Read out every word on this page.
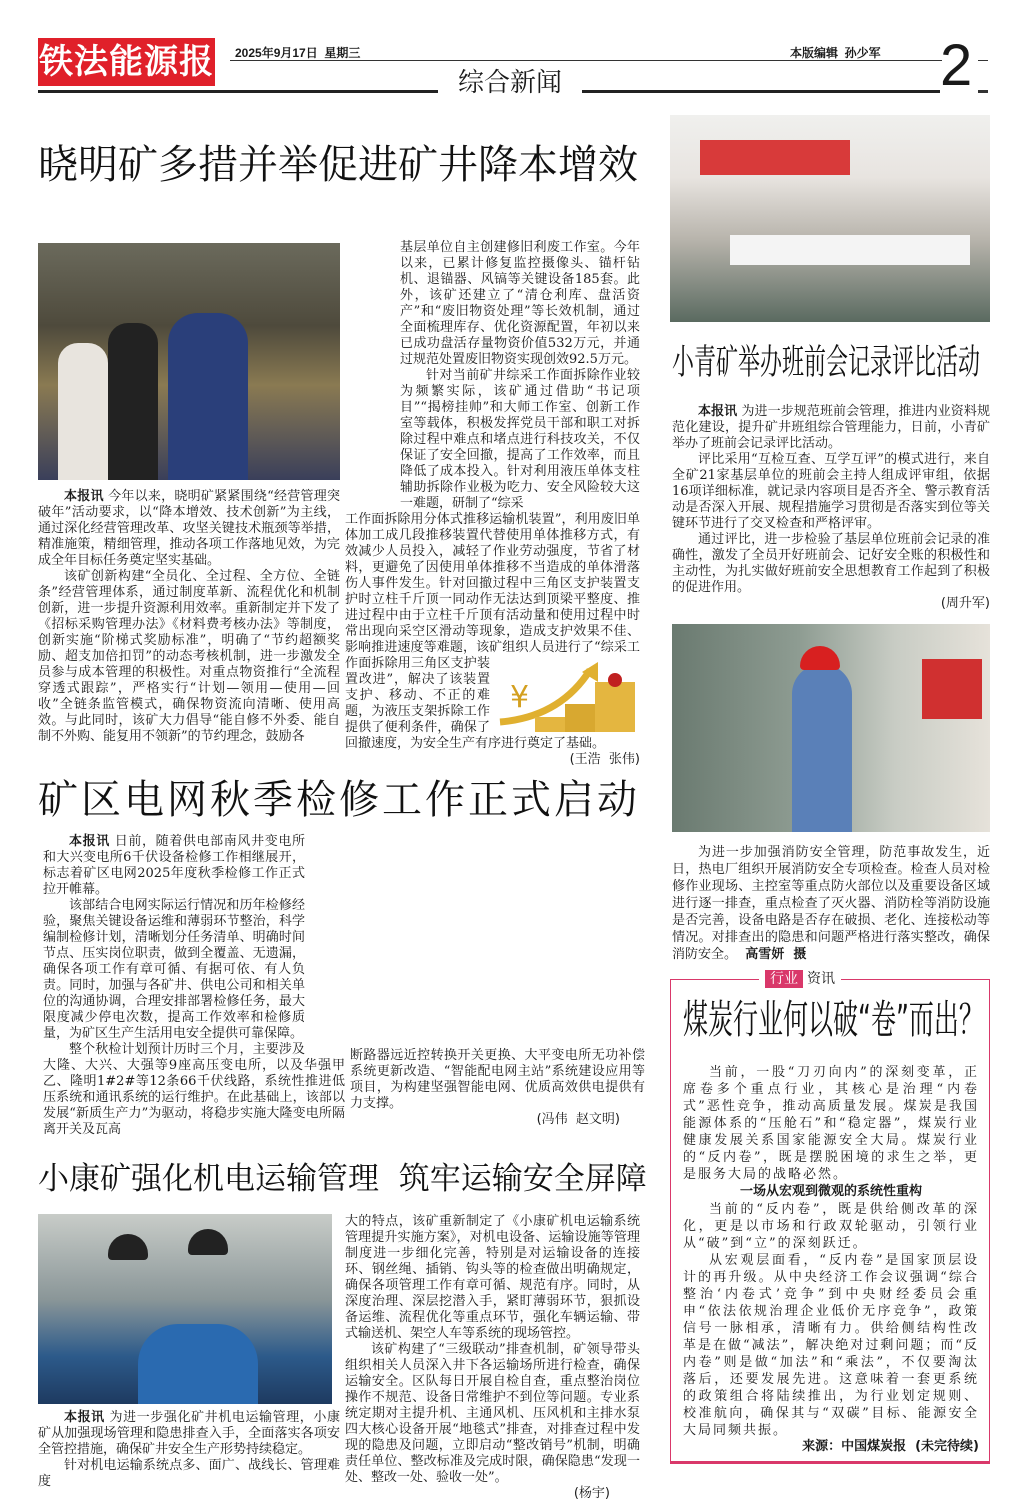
铁法能源报 2025年9月17日 星期三	本版编辑  孙少军
综合新闻	2
晓明矿多措并举促进矿井降本增效

本报讯 今年以来，晓明矿紧紧围绕“经营管理突破年”活动要求，以“降本增效、技术创新”为主线，通过深化经营管理改革、攻坚关键技术瓶颈等举措，精准施策，精细管理，推动各项工作落地见效，为完成全年目标任务奠定坚实基础。

该矿创新构建“全员化、全过程、全方位、全链条”经营管理体系，通过制度革新、流程优化和机制创新，进一步提升资源利用效率。重新制定并下发了《招标采购管理办法》《材料费考核办法》等制度，创新实施“阶梯式奖励标准”，明确了“节约超额奖励、超支加倍扣罚”的动态考核机制，进一步激发全员参与成本管理的积极性。对重点物资推行“全流程穿透式跟踪”，严格实行“计划—领用—使用—回收”全链条监管模式，确保物资流向清晰、使用高效。与此同时，该矿大力倡导“能自修不外委、能自制不外购、能复用不领新”的节约理念，鼓励各

基层单位自主创建修旧利废工作室。今年以来，已累计修复监控摄像头、锚杆钻机、退锚器、风镐等关键设备185套。此外，该矿还建立了“清仓利库、盘活资产”和“废旧物资处理”等长效机制，通过全面梳理库存、优化资源配置，年初以来已成功盘活存量物资价值532万元，并通过规范处置废旧物资实现创效92.5万元。

针对当前矿井综采工作面拆除作业较为频繁实际，该矿通过借助“书记项目”“揭榜挂帅”和大师工作室、创新工作室等载体，积极发挥党员干部和职工对拆除过程中难点和堵点进行科技攻关，不仅保证了安全回撤，提高了工作效率，而且降低了成本投入。针对利用液压单体支柱辅助拆除作业极为吃力、安全风险较大这一难题，研制了“综采

¥

工作面拆除用分体式推移运输机装置”，利用废旧单体加工成几段推移装置代替使用单体推移方式，有效减少人员投入，减轻了作业劳动强度，节省了材料，更避免了因使用单体推移不当造成的单体滑落伤人事件发生。针对回撤过程中三角区支护装置支护时立柱千斤顶一同动作无法达到顶梁平整度、推进过程中由于立柱千斤顶有活动量和使用过程中时常出现向采空区滑动等现象，造成支护效果不佳、影响推进速度等难题，该矿组织人员进行了“综采工作面拆除用三角区支护装置改进”，解决了该装置支护、移动、不正的难题，为液压支架拆除工作提供了便利条件，确保了回撤速度，为安全生产有序进行奠定了基础。

(王浩  张伟)
矿区电网秋季检修工作正式启动

本报讯 日前，随着供电部南风井变电所和大兴变电所6千伏设备检修工作相继展开，标志着矿区电网2025年度秋季检修工作正式拉开帷幕。

该部结合电网实际运行情况和历年检修经验，聚焦关键设备运维和薄弱环节整治，科学编制检修计划，清晰划分任务清单、明确时间节点、压实岗位职责，做到全覆盖、无遗漏，确保各项工作有章可循、有据可依、有人负责。同时，加强与各矿井、供电公司和相关单位的沟通协调，合理安排部署检修任务，最大限度减少停电次数，提高工作效率和检修质量，为矿区生产生活用电安全提供可靠保障。

整个秋检计划预计历时三个月，主要涉及大隆、大兴、大强等9座高压变电所，以及华强甲乙、隆明1#2#等12条66千伏线路，系统性推进低压系统和通讯系统的运行维护。在此基础上，该部以发展“新质生产力”为驱动，将稳步实施大隆变电所隔离开关及瓦高

断路器远近控转换开关更换、大平变电所无功补偿系统更新改造、“智能配电网主站”系统建设应用等项目，为构建坚强智能电网、优质高效供电提供有力支撑。

(冯伟  赵文明)
小康矿强化机电运输管理  筑牢运输安全屏障

本报讯 为进一步强化矿井机电运输管理，小康矿从加强现场管理和隐患排查入手，全面落实各项安全管控措施，确保矿井安全生产形势持续稳定。

针对机电运输系统点多、面广、战线长、管理难度

大的特点，该矿重新制定了《小康矿机电运输系统管理提升实施方案》，对机电设备、运输设施等管理制度进一步细化完善，特别是对运输设备的连接环、钢丝绳、插销、钩头等的检查做出明确规定，确保各项管理工作有章可循、规范有序。同时，从深度治理、深层挖潜入手，紧盯薄弱环节，狠抓设备运维、流程优化等重点环节，强化车辆运输、带式输送机、架空人车等系统的现场管控。

该矿构建了“三级联动”排查机制，矿领导带头组织相关人员深入井下各运输场所进行检查，确保运输安全。区队每日开展自检自查，重点整治岗位操作不规范、设备日常维护不到位等问题。专业系统定期对主提升机、主通风机、压风机和主排水泵四大核心设备开展“地毯式”排查，对排查过程中发现的隐患及问题，立即启动“整改销号”机制，明确责任单位、整改标准及完成时限，确保隐患“发现一处、整改一处、验收一处”。

(杨宇)
小青矿举办班前会记录评比活动

本报讯 为进一步规范班前会管理，推进内业资料规范化建设，提升矿井班组综合管理能力，日前，小青矿举办了班前会记录评比活动。

评比采用“互检互查、互学互评”的模式进行，来自全矿21家基层单位的班前会主持人组成评审组，依据16项详细标准，就记录内容项目是否齐全、警示教育活动是否深入开展、规程措施学习贯彻是否落实到位等关键环节进行了交叉检查和严格评审。

通过评比，进一步检验了基层单位班前会记录的准确性，激发了全员开好班前会、记好安全账的积极性和主动性，为扎实做好班前安全思想教育工作起到了积极的促进作用。

(周升军)

为进一步加强消防安全管理，防范事故发生，近日，热电厂组织开展消防安全专项检查。检查人员对检修作业现场、主控室等重点防火部位以及重要设备区域进行逐一排查，重点检查了灭火器、消防栓等消防设施是否完善，设备电路是否存在破损、老化、连接松动等情况。对排查出的隐患和问题严格进行落实整改，确保消防安全。 高雪妍  摄

行业 资讯
煤炭行业何以破“卷”而出？

当前，一股“刀刃向内”的深刻变革，正席卷多个重点行业，其核心是治理“内卷式”恶性竞争，推动高质量发展。煤炭是我国能源体系的“压舱石”和“稳定器”，煤炭行业健康发展关系国家能源安全大局。煤炭行业的“反内卷”，既是摆脱困境的求生之举，更是服务大局的战略必然。

一场从宏观到微观的系统性重构

当前的“反内卷”，既是供给侧改革的深化，更是以市场和行政双轮驱动，引领行业从“破”到“立”的深刻跃迁。

从宏观层面看，“反内卷”是国家顶层设计的再升级。从中央经济工作会议强调“综合整治‘内卷式’竞争”到中央财经委员会重申“依法依规治理企业低价无序竞争”，政策信号一脉相承，清晰有力。供给侧结构性改革是在做“减法”，解决绝对过剩问题；而“反内卷”则是做“加法”和“乘法”，不仅要淘汰落后，还要发展先进。这意味着一套更系统的政策组合将陆续推出，为行业划定规则、校准航向，确保其与“双碳”目标、能源安全大局同频共振。

来源：中国煤炭报  (未完待续)
